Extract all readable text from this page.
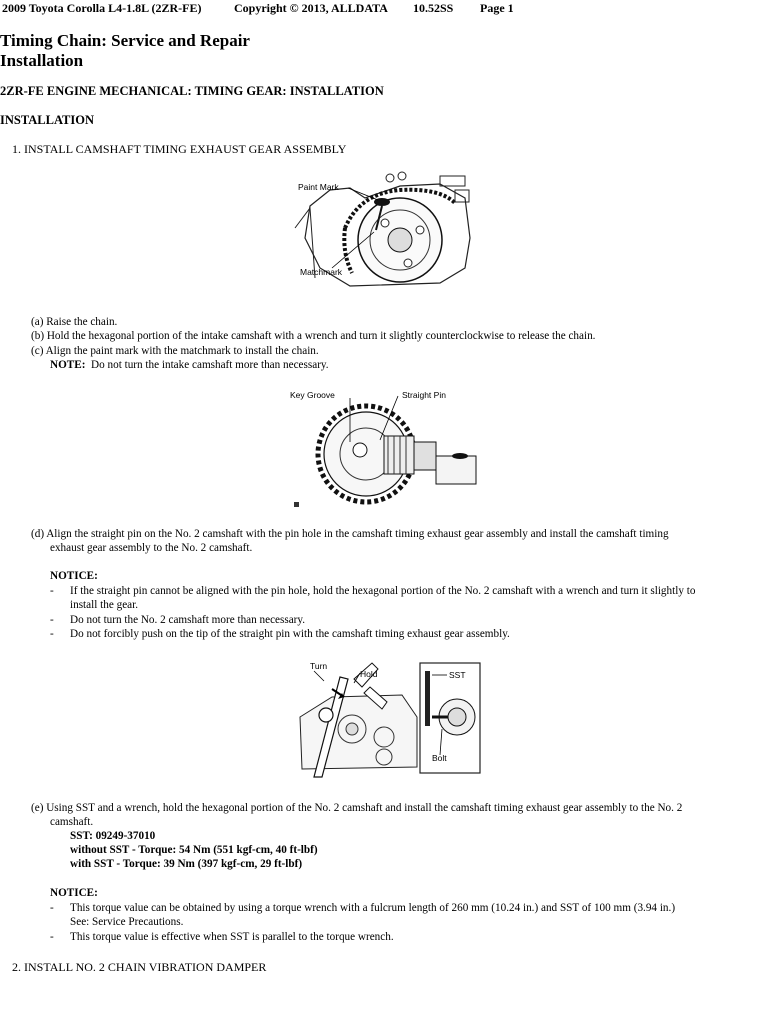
2009 Toyota Corolla L4-1.8L (2ZR-FE)	Copyright © 2013, ALLDATA 10.52SS Page 1
Timing Chain: Service and Repair
Installation
2ZR-FE ENGINE MECHANICAL: TIMING GEAR: INSTALLATION
INSTALLATION
1. INSTALL CAMSHAFT TIMING EXHAUST GEAR ASSEMBLY
Paint Mark
Matchmark
(a) Raise the chain.
(b) Hold the hexagonal portion of the intake camshaft with a wrench and turn it slightly counterclockwise to release the chain.
(c) Align the paint mark with the matchmark to install the chain.
NOTE: Do not turn the intake camshaft more than necessary.
Key Groove	Straight Pin
(d) Align the straight pin on the No. 2 camshaft with the pin hole in the camshaft timing exhaust gear assembly and install the camshaft timing
exhaust gear assembly to the No. 2 camshaft.
NOTICE:
- If the straight pin cannot be aligned with the pin hole, hold the hexagonal portion of the No. 2 camshaft with a wrench and turn it slightly to
install the gear.
- Do not turn the No. 2 camshaft more than necessary.
- Do not forcibly push on the tip of the straight pin with the camshaft timing exhaust gear assembly.
Turn
Hold	SST
Bolt
(e) Using SST and a wrench, hold the hexagonal portion of the No. 2 camshaft and install the camshaft timing exhaust gear assembly to the No. 2
camshaft.
SST: 09249-37010
without SST - Torque: 54 Nm (551 kgf-cm, 40 ft-lbf)
with SST - Torque: 39 Nm (397 kgf-cm, 29 ft-lbf)
NOTICE:
- This torque value can be obtained by using a torque wrench with a fulcrum length of 260 mm (10.24 in.) and SST of 100 mm (3.94 in.)
See: Service Precautions.
- This torque value is effective when SST is parallel to the torque wrench.
2. INSTALL NO. 2 CHAIN VIBRATION DAMPER
